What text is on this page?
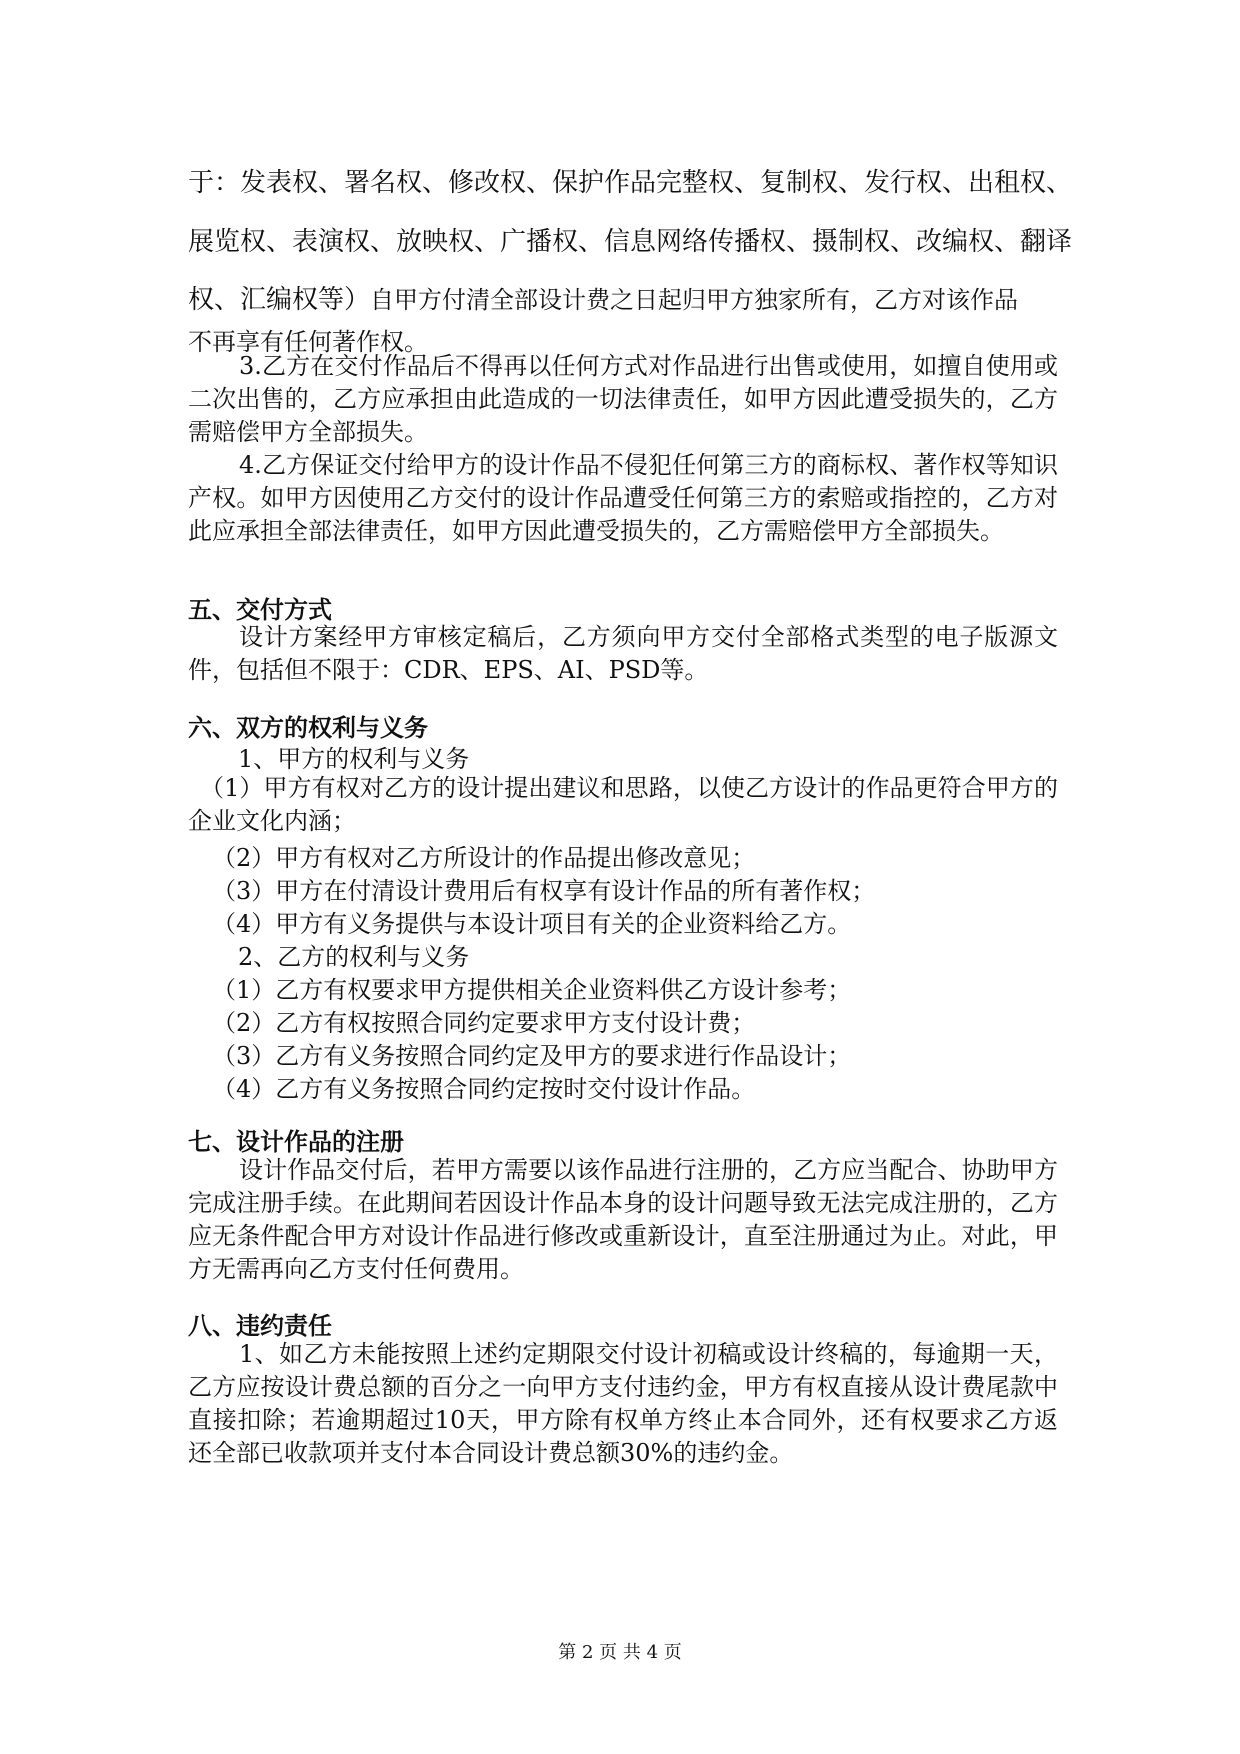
于：发表权、署名权、修改权、保护作品完整权、复制权、发行权、出租权、
展览权、表演权、放映权、广播权、信息网络传播权、摄制权、改编权、翻译
权、汇编权等）自甲方付清全部设计费之日起归甲方独家所有，乙方对该作品
不再享有任何著作权。
3.乙方在交付作品后不得再以任何方式对作品进行出售或使用，如擅自使用或二次出售的，乙方应承担由此造成的一切法律责任，如甲方因此遭受损失的，乙方需赔偿甲方全部损失。
4.乙方保证交付给甲方的设计作品不侵犯任何第三方的商标权、著作权等知识产权。如甲方因使用乙方交付的设计作品遭受任何第三方的索赔或指控的，乙方对此应承担全部法律责任，如甲方因此遭受损失的，乙方需赔偿甲方全部损失。
五、交付方式
设计方案经甲方审核定稿后，乙方须向甲方交付全部格式类型的电子版源文件，包括但不限于：CDR、EPS、AI、PSD等。
六、双方的权利与义务
1、甲方的权利与义务
（1）甲方有权对乙方的设计提出建议和思路，以使乙方设计的作品更符合甲方的企业文化内涵；
（2）甲方有权对乙方所设计的作品提出修改意见；
（3）甲方在付清设计费用后有权享有设计作品的所有著作权；
（4）甲方有义务提供与本设计项目有关的企业资料给乙方。
2、乙方的权利与义务
（1）乙方有权要求甲方提供相关企业资料供乙方设计参考；
（2）乙方有权按照合同约定要求甲方支付设计费；
（3）乙方有义务按照合同约定及甲方的要求进行作品设计；
（4）乙方有义务按照合同约定按时交付设计作品。
七、设计作品的注册
设计作品交付后，若甲方需要以该作品进行注册的，乙方应当配合、协助甲方完成注册手续。在此期间若因设计作品本身的设计问题导致无法完成注册的，乙方应无条件配合甲方对设计作品进行修改或重新设计，直至注册通过为止。对此，甲方无需再向乙方支付任何费用。
八、违约责任
1、如乙方未能按照上述约定期限交付设计初稿或设计终稿的，每逾期一天，乙方应按设计费总额的百分之一向甲方支付违约金，甲方有权直接从设计费尾款中直接扣除；若逾期超过10天，甲方除有权单方终止本合同外，还有权要求乙方返还全部已收款项并支付本合同设计费总额30%的违约金。
第 2 页 共 4 页
